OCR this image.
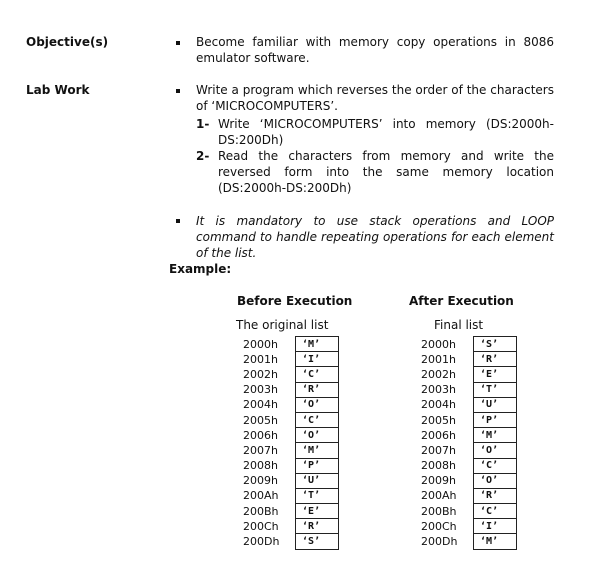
Objective(s)	Become familiar with memory copy operations in 8086 emulator software.
Lab Work	Write a program which reverses the order of the characters of ‘MICROCOMPUTERS’.
1- Write ‘MICROCOMPUTERS’ into memory (DS:2000h-DS:200Dh)
2- Read the characters from memory and write the reversed form into the same memory location (DS:2000h-DS:200Dh)
It is mandatory to use stack operations and LOOP command to handle repeating operations for each element of the list.
Example:
Before Execution
The original list
After Execution
Final list
2000h	‘M’
2001h	‘I’
2002h	‘C’
2003h	‘R’
2004h	‘O’
2005h	‘C’
2006h	‘O’
2007h	‘M’
2008h	‘P’
2009h	‘U’
200Ah	‘T’
200Bh	‘E’
200Ch	‘R’
200Dh	‘S’
2000h	‘S’
2001h	‘R’
2002h	‘E’
2003h	‘T’
2004h	‘U’
2005h	‘P’
2006h	‘M’
2007h	‘O’
2008h	‘C’
2009h	‘O’
200Ah	‘R’
200Bh	‘C’
200Ch	‘I’
200Dh	‘M’
